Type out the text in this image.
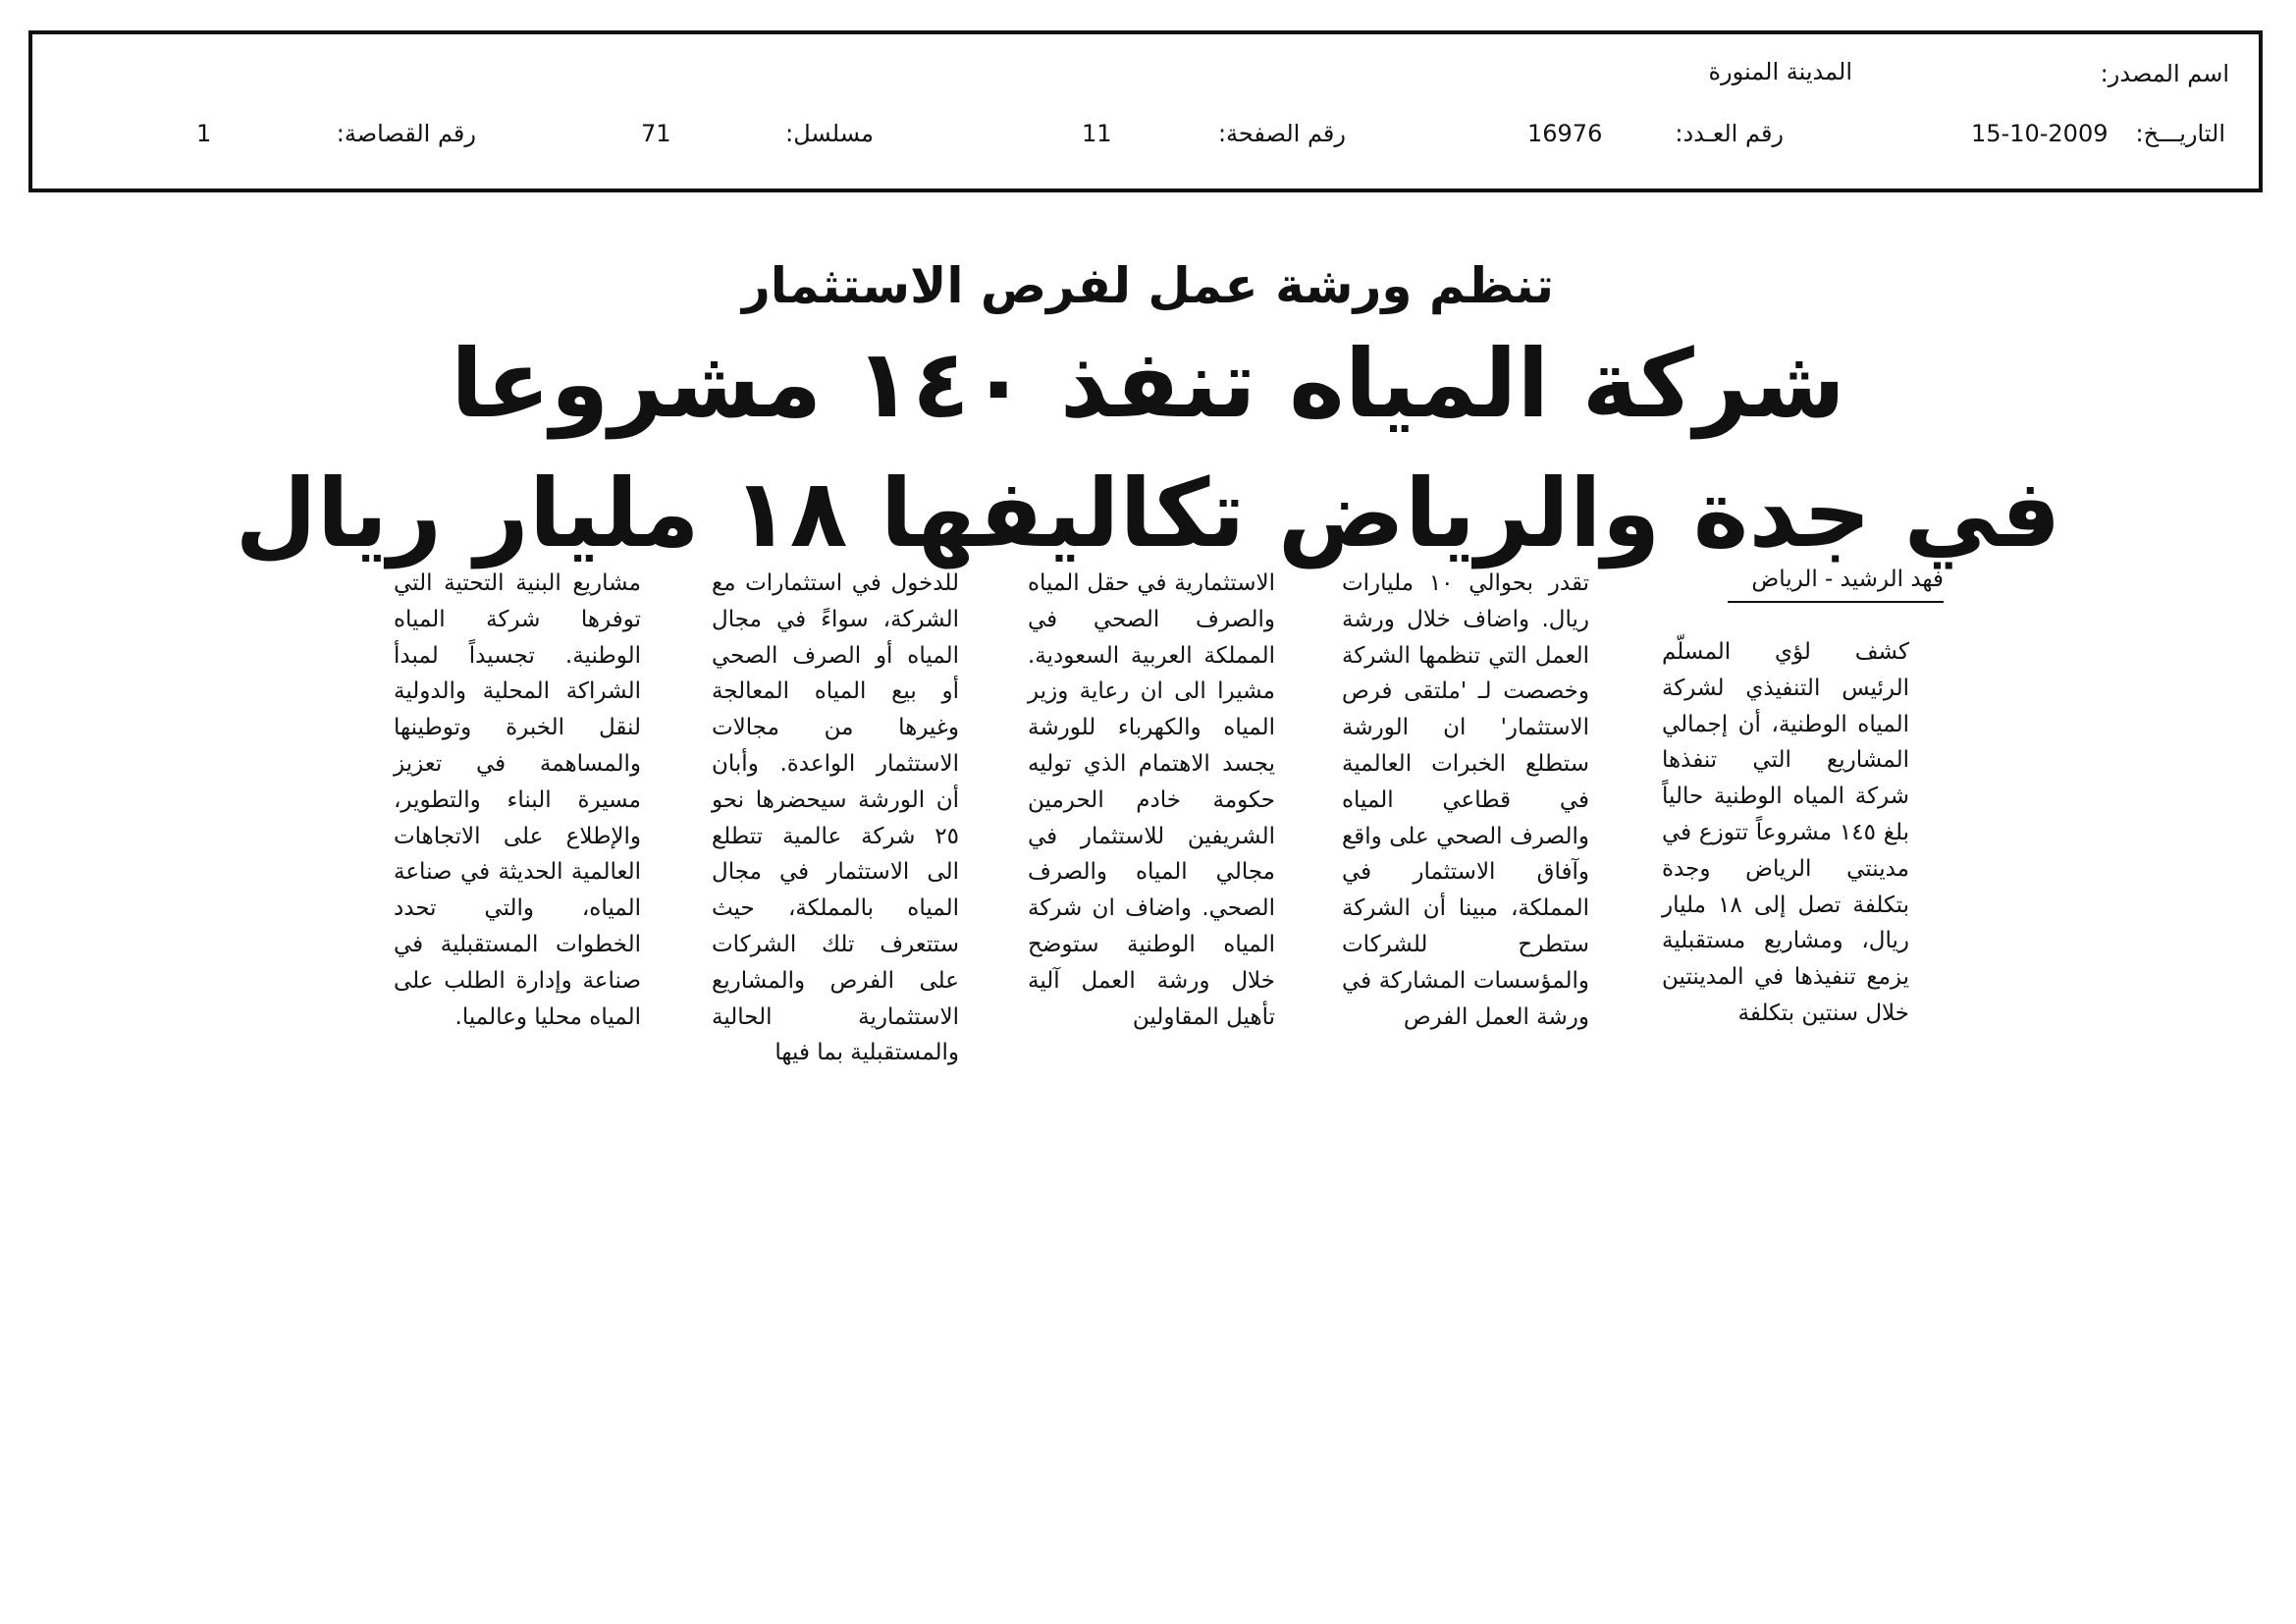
اسم المصدر:
المدينة المنورة
التاريـــخ:
15-10-2009
رقم العـدد:
16976
رقم الصفحة:
11
مسلسل:
71
رقم القصاصة:
1
تنظم ورشة عمل لفرص الاستثمار
شركة المياه تنفذ ١٤٠ مشروعا
في جدة والرياض تكاليفها ١٨ مليار ريال
فهد الرشيد - الرياض

كشف لؤي المسلّم الرئيس التنفيذي لشركة المياه الوطنية، أن إجمالي المشاريع التي تنفذها شركة المياه الوطنية حالياً بلغ ١٤٥ مشروعاً تتوزع في مدينتي الرياض وجدة بتكلفة تصل إلى ١٨ مليار ريال، ومشاريع مستقبلية يزمع تنفيذها في المدينتين خلال سنتين بتكلفة

تقدر بحوالي ١٠ مليارات ريال. واضاف خلال ورشة العمل التي تنظمها الشركة وخصصت لـ 'ملتقى فرص الاستثمار' ان الورشة ستطلع الخبرات العالمية في قطاعي المياه والصرف الصحي على واقع وآفاق الاستثمار في المملكة، مبينا أن الشركة ستطرح للشركات والمؤسسات المشاركة في ورشة العمل الفرص

الاستثمارية في حقل المياه والصرف الصحي في المملكة العربية السعودية. مشيرا الى ان رعاية وزير المياه والكهرباء للورشة يجسد الاهتمام الذي توليه حكومة خادم الحرمين الشريفين للاستثمار في مجالي المياه والصرف الصحي. واضاف ان شركة المياه الوطنية ستوضح خلال ورشة العمل آلية تأهيل المقاولين

للدخول في استثمارات مع الشركة، سواءً في مجال المياه أو الصرف الصحي أو بيع المياه المعالجة وغيرها من مجالات الاستثمار الواعدة. وأبان أن الورشة سيحضرها نحو ٢٥ شركة عالمية تتطلع الى الاستثمار في مجال المياه بالمملكة، حيث ستتعرف تلك الشركات على الفرص والمشاريع الاستثمارية الحالية والمستقبلية بما فيها

مشاريع البنية التحتية التي توفرها شركة المياه الوطنية. تجسيداً لمبدأ الشراكة المحلية والدولية لنقل الخبرة وتوطينها والمساهمة في تعزيز مسيرة البناء والتطوير، والإطلاع على الاتجاهات العالمية الحديثة في صناعة المياه، والتي تحدد الخطوات المستقبلية في صناعة وإدارة الطلب على المياه محليا وعالميا.
